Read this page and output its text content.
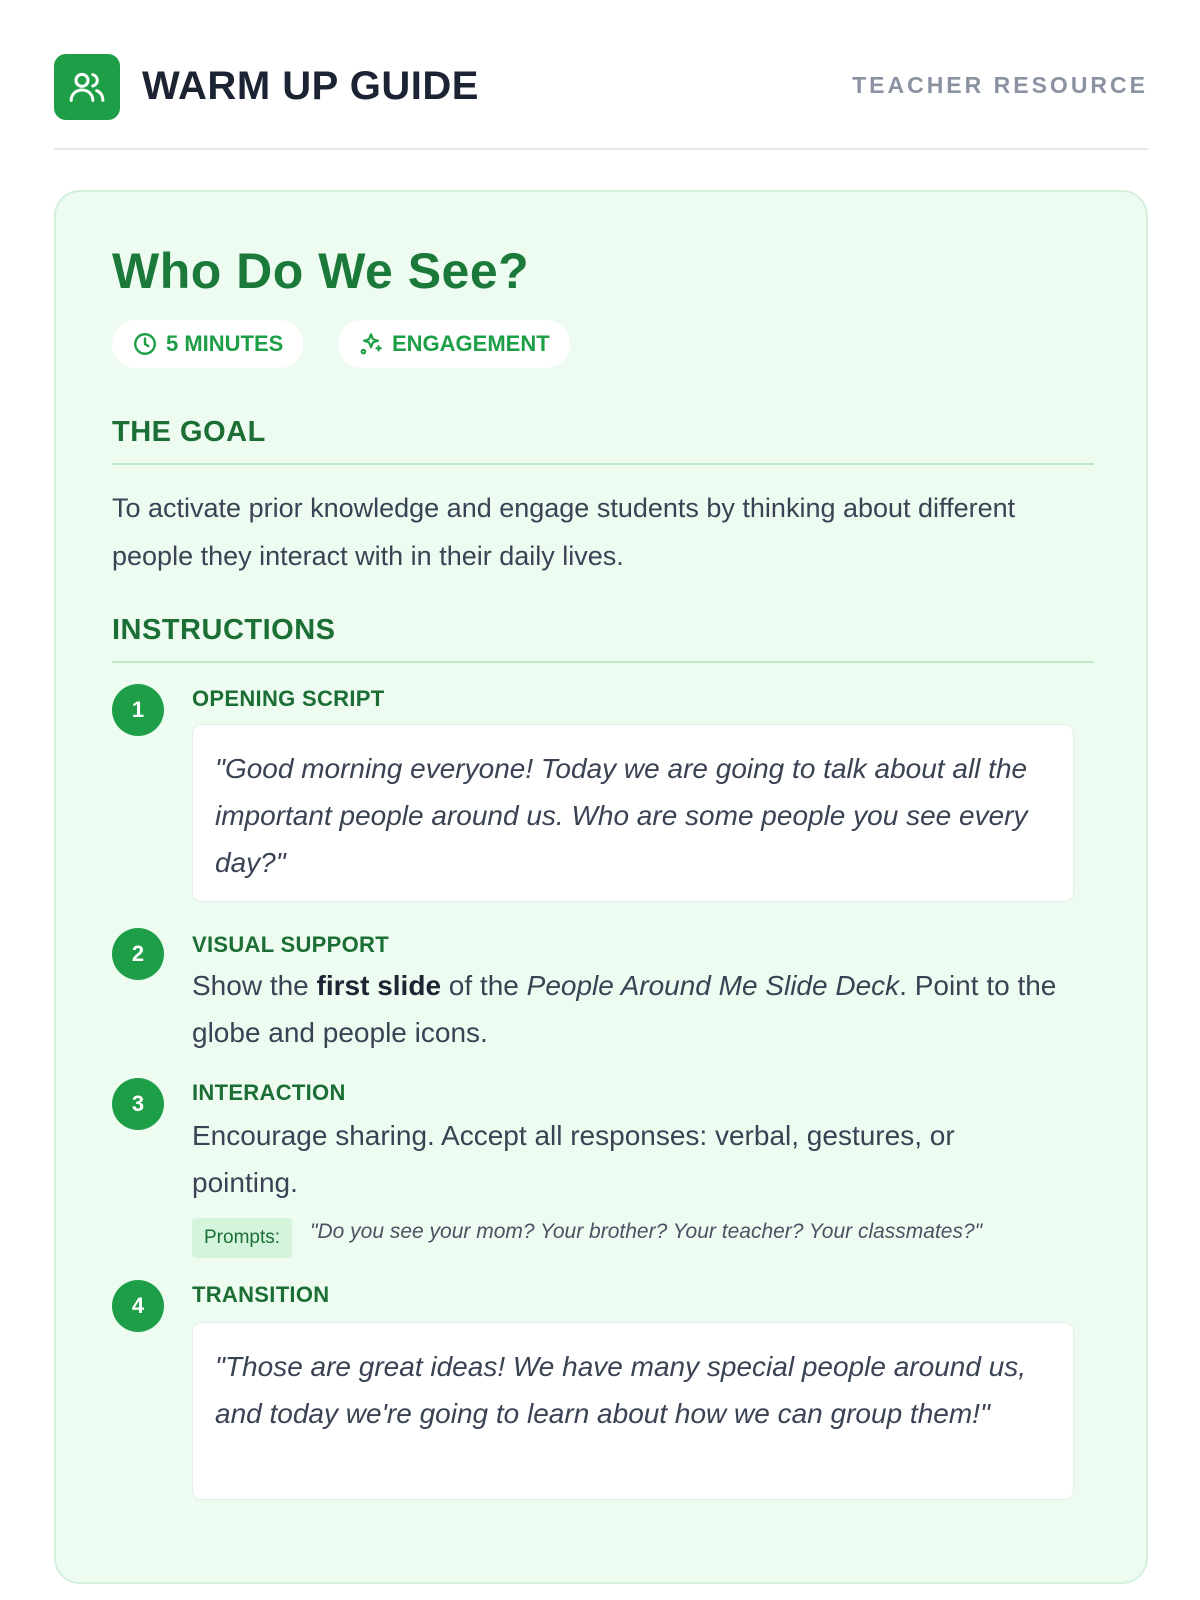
WARM UP GUIDE	TEACHER RESOURCE
Who Do We See?
5 MINUTES	ENGAGEMENT
THE GOAL
To activate prior knowledge and engage students by thinking about different people they interact with in their daily lives.
INSTRUCTIONS
1	OPENING SCRIPT
"Good morning everyone! Today we are going to talk about all the important people around us. Who are some people you see every day?"
2	VISUAL SUPPORT
Show the first slide of the People Around Me Slide Deck. Point to the globe and people icons.
3	INTERACTION
Encourage sharing. Accept all responses: verbal, gestures, or pointing.
Prompts:	"Do you see your mom? Your brother? Your teacher? Your classmates?"
4	TRANSITION
"Those are great ideas! We have many special people around us, and today we're going to learn about how we can group them!"
